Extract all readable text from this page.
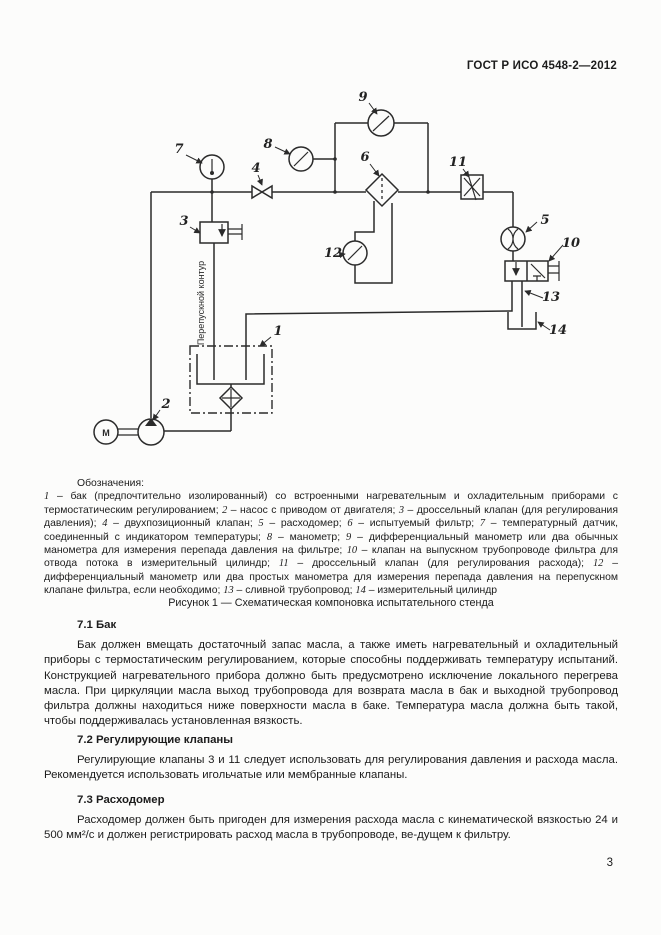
ГОСТ Р ИСО 4548-2—2012
M
Перепускной контур	1
2
3
4
5
6
7	8
9
10
11
12
13
14
Обозначения:

1 – бак (предпочтительно изолированный) со встроенными нагревательным и охладительным приборами с термостатическим регулированием; 2 – насос с приводом от двигателя; 3 – дроссельный клапан (для регулирования давления); 4 – двухпозиционный клапан; 5 – расходомер; 6 – испытуемый фильтр; 7 – температурный датчик, соединенный с индикатором температуры; 8 – манометр; 9 – дифференциальный манометр или два обычных манометра для измерения перепада давления на фильтре; 10 – клапан на выпускном трубопроводе фильтра для отвода потока в измерительный цилиндр; 11 – дроссельный клапан (для регулирования расхода); 12 – дифференциальный манометр или два простых манометра для измерения перепада давления на перепускном клапане фильтра, если необходимо; 13 – сливной трубопровод; 14 – измерительный цилиндр

Рисунок 1 — Схематическая компоновка испытательного стенда
7.1 Бак

Бак должен вмещать достаточный запас масла, а также иметь нагревательный и охладительный приборы с термостатическим регулированием, которые способны поддерживать температуру испытаний. Конструкцией нагревательного прибора должно быть предусмотрено исключение локального перегрева масла. При циркуляции масла выход трубопровода для возврата масла в бак и выходной трубопровод фильтра должны находиться ниже поверхности масла в баке. Температура масла должна быть такой, чтобы поддерживалась установленная вязкость.

7.2 Регулирующие клапаны

Регулирующие клапаны 3 и 11 следует использовать для регулирования давления и расхода масла. Рекомендуется использовать игольчатые или мембранные клапаны.

7.3 Расходомер

Расходомер должен быть пригоден для измерения расхода масла с кинематической вязкостью 24 и 500 мм²/с и должен регистрировать расход масла в трубопроводе, ве-дущем к фильтру.

3
